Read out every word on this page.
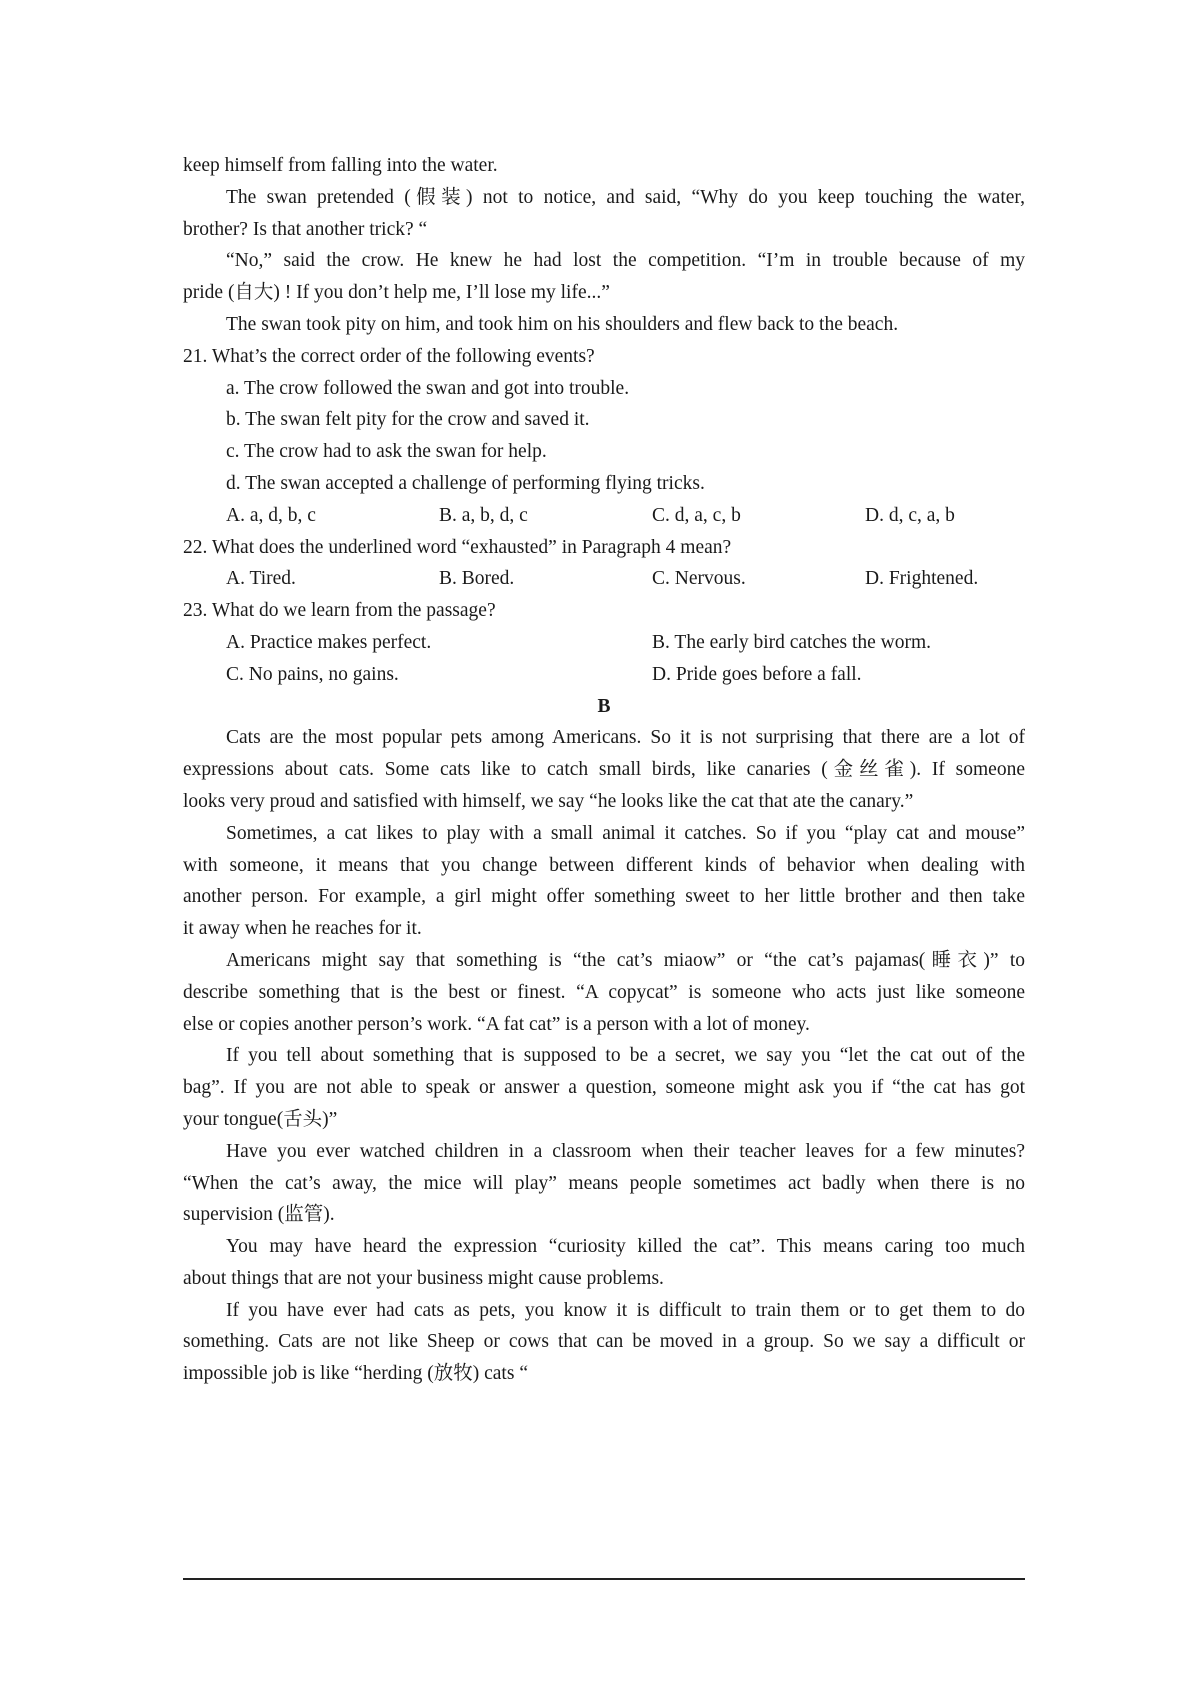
keep himself from falling into the water.
The swan pretended (假装) not to notice, and said, “Why do you keep touching the water,
brother? Is that another trick? “
“No,” said the crow. He knew he had lost the competition. “I’m in trouble because of my
pride (自大) ! If you don’t help me, I’ll lose my life...”
The swan took pity on him, and took him on his shoulders and flew back to the beach.
21. What’s the correct order of the following events?
a. The crow followed the swan and got into trouble.
b. The swan felt pity for the crow and saved it.
c. The crow had to ask the swan for help.
d. The swan accepted a challenge of performing flying tricks.
A. a, d, b, c	B. a, b, d, c	C. d, a, c, b	D. d, c, a, b
22. What does the underlined word “exhausted” in Paragraph 4 mean?
A. Tired.	B. Bored.	C. Nervous.	D. Frightened.
23. What do we learn from the passage?
A. Practice makes perfect.	B. The early bird catches the worm.
C. No pains, no gains.	D. Pride goes before a fall.
B
Cats are the most popular pets among Americans. So it is not surprising that there are a lot of
expressions about cats. Some cats like to catch small birds, like canaries (金丝雀). If someone
looks very proud and satisfied with himself, we say “he looks like the cat that ate the canary.”
Sometimes, a cat likes to play with a small animal it catches. So if you “play cat and mouse”
with someone, it means that you change between different kinds of behavior when dealing with
another person. For example, a girl might offer something sweet to her little brother and then take
it away when he reaches for it.
Americans might say that something is “the cat’s miaow” or “the cat’s pajamas(睡衣)” to
describe something that is the best or finest. “A copycat” is someone who acts just like someone
else or copies another person’s work. “A fat cat” is a person with a lot of money.
If you tell about something that is supposed to be a secret, we say you “let the cat out of the
bag”. If you are not able to speak or answer a question, someone might ask you if “the cat has got
your tongue(舌头)”
Have you ever watched children in a classroom when their teacher leaves for a few minutes?
“When the cat’s away, the mice will play” means people sometimes act badly when there is no
supervision (监管).
You may have heard the expression “curiosity killed the cat”. This means caring too much
about things that are not your business might cause problems.
If you have ever had cats as pets, you know it is difficult to train them or to get them to do
something. Cats are not like Sheep or cows that can be moved in a group. So we say a difficult or
impossible job is like “herding (放牧) cats “
